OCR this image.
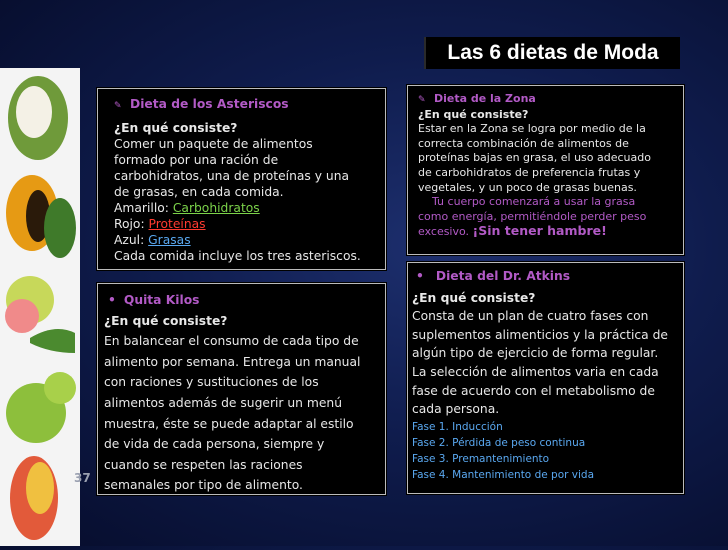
Las 6 dietas de Moda
✎ Dieta de los Asteriscos
¿En qué consiste?
Comer un paquete de alimentos
formado por una ración de
carbohidratos, una de proteínas y una
de grasas, en cada comida.
Amarillo: Carbohidratos
Rojo: Proteínas
Azul: Grasas
Cada comida incluye los tres asteriscos.
✎ Dieta de la Zona
¿En qué consiste?
Estar en la Zona se logra por medio de la
correcta combinación de alimentos de
proteínas bajas en grasa, el uso adecuado
de carbohidratos de preferencia frutas y
vegetales, y un poco de grasas buenas.
Tu cuerpo comenzará a usar la grasa
como energía, permitiéndole perder peso
excesivo. ¡Sin tener hambre!
• Quita Kilos
¿En qué consiste?
En balancear el consumo de cada tipo de
alimento por semana. Entrega un manual
con raciones y sustituciones de los
alimentos además de sugerir un menú
muestra, éste se puede adaptar al estilo
de vida de cada persona, siempre y
cuando se respeten las raciones
semanales por tipo de alimento.
• Dieta del Dr. Atkins
¿En qué consiste?
Consta de un plan de cuatro fases con
suplementos alimenticios y la práctica de
algún tipo de ejercicio de forma regular.
La selección de alimentos varia en cada
fase de acuerdo con el metabolismo de
cada persona.
Fase 1. Inducción
Fase 2. Pérdida de peso continua
Fase 3. Premantenimiento
Fase 4. Mantenimiento de por vida
37
